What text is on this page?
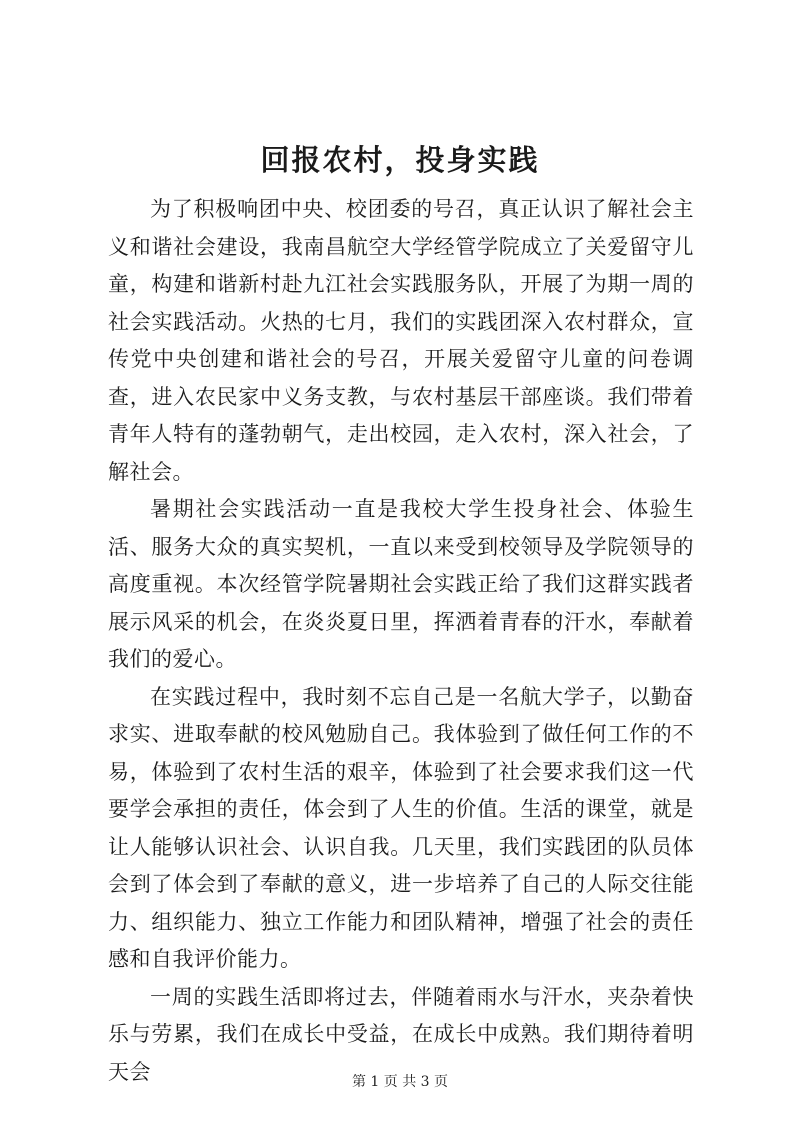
回报农村，投身实践

为了积极响团中央、校团委的号召，真正认识了解社会主义和谐社会建设，我南昌航空大学经管学院成立了关爱留守儿童，构建和谐新村赴九江社会实践服务队，开展了为期一周的社会实践活动。火热的七月，我们的实践团深入农村群众，宣传党中央创建和谐社会的号召，开展关爱留守儿童的问卷调查，进入农民家中义务支教，与农村基层干部座谈。我们带着青年人特有的蓬勃朝气，走出校园，走入农村，深入社会，了解社会。

暑期社会实践活动一直是我校大学生投身社会、体验生活、服务大众的真实契机，一直以来受到校领导及学院领导的高度重视。本次经管学院暑期社会实践正给了我们这群实践者展示风采的机会，在炎炎夏日里，挥洒着青春的汗水，奉献着我们的爱心。

在实践过程中，我时刻不忘自己是一名航大学子，以勤奋求实、进取奉献的校风勉励自己。我体验到了做任何工作的不易，体验到了农村生活的艰辛，体验到了社会要求我们这一代要学会承担的责任，体会到了人生的价值。生活的课堂，就是让人能够认识社会、认识自我。几天里，我们实践团的队员体会到了体会到了奉献的意义，进一步培养了自己的人际交往能力、组织能力、独立工作能力和团队精神，增强了社会的责任感和自我评价能力。

一周的实践生活即将过去，伴随着雨水与汗水，夹杂着快乐与劳累，我们在成长中受益，在成长中成熟。我们期待着明天会	第 1 页 共 3 页
